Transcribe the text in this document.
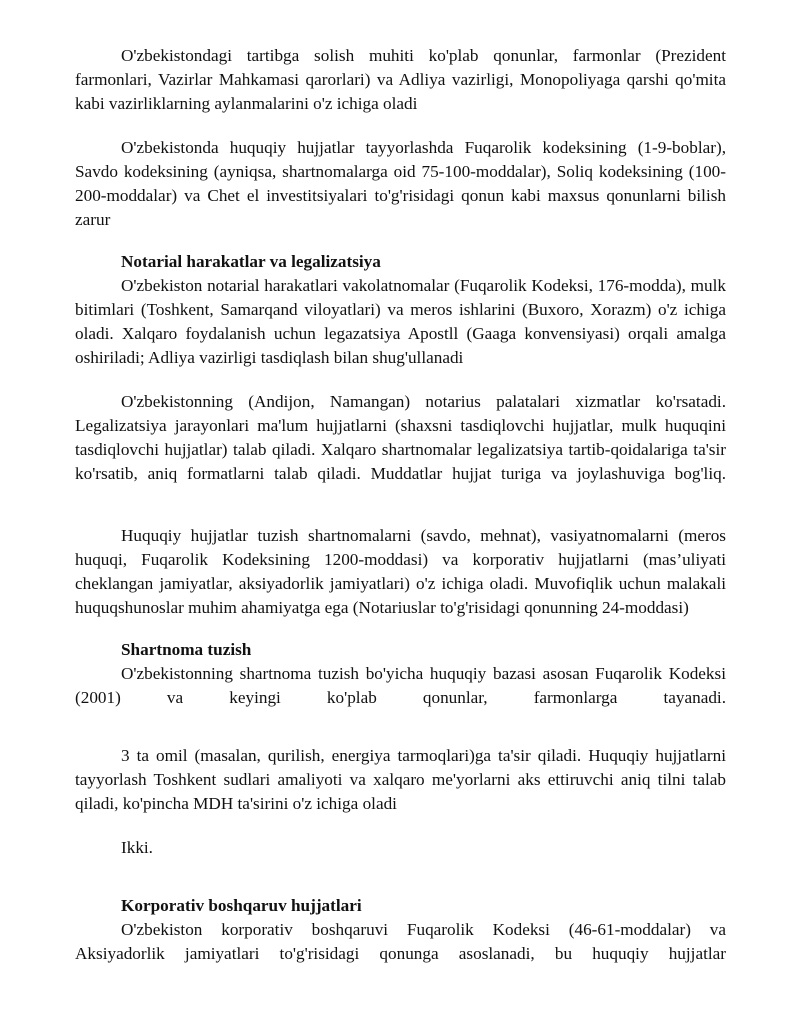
O'zbekistondagi tartibga solish muhiti ko'plab qonunlar, farmonlar (Prezident farmonlari, Vazirlar Mahkamasi qarorlari) va Adliya vazirligi, Monopoliyaga qarshi qo'mita kabi vazirliklarning aylanmalarini o'z ichiga oladi

O'zbekistonda huquqiy hujjatlar tayyorlashda Fuqarolik kodeksining (1-9-boblar), Savdo kodeksining (ayniqsa, shartnomalarga oid 75-100-moddalar), Soliq kodeksining (100-200-moddalar) va Chet el investitsiyalari to'g'risidagi qonun kabi maxsus qonunlarni bilish zarur

Notarial harakatlar va legalizatsiya

O'zbekiston notarial harakatlari vakolatnomalar (Fuqarolik Kodeksi, 176-modda), mulk bitimlari (Toshkent, Samarqand viloyatlari) va meros ishlarini (Buxoro, Xorazm) o'z ichiga oladi. Xalqaro foydalanish uchun legazatsiya Apostll (Gaaga konvensiyasi) orqali amalga oshiriladi; Adliya vazirligi tasdiqlash bilan shug'ullanadi

O'zbekistonning (Andijon, Namangan) notarius palatalari xizmatlar ko'rsatadi. Legalizatsiya jarayonlari ma'lum hujjatlarni (shaxsni tasdiqlovchi hujjatlar, mulk huquqini tasdiqlovchi hujjatlar) talab qiladi. Xalqaro shartnomalar legalizatsiya tartib-qoidalariga ta'sir ko'rsatib, aniq formatlarni talab qiladi. Muddatlar hujjat turiga va joylashuviga bog'liq.

Huquqiy hujjatlar tuzish shartnomalarni (savdo, mehnat), vasiyatnomalarni (meros huquqi, Fuqarolik Kodeksining 1200-moddasi) va korporativ hujjatlarni (mas’uliyati cheklangan jamiyatlar, aksiyadorlik jamiyatlari) o'z ichiga oladi. Muvofiqlik uchun malakali huquqshunoslar muhim ahamiyatga ega (Notariuslar to'g'risidagi qonunning 24-moddasi)

Shartnoma tuzish

O'zbekistonning shartnoma tuzish bo'yicha huquqiy bazasi asosan Fuqarolik Kodeksi (2001) va keyingi ko'plab qonunlar, farmonlarga tayanadi.

3 ta omil (masalan, qurilish, energiya tarmoqlari)ga ta'sir qiladi. Huquqiy hujjatlarni tayyorlash Toshkent sudlari amaliyoti va xalqaro me'yorlarni aks ettiruvchi aniq tilni talab qiladi, ko'pincha MDH ta'sirini o'z ichiga oladi

Ikki.

Korporativ boshqaruv hujjatlari

O'zbekiston korporativ boshqaruvi Fuqarolik Kodeksi (46-61-moddalar) va Aksiyadorlik jamiyatlari to'g'risidagi qonunga asoslanadi, bu huquqiy hujjatlar
